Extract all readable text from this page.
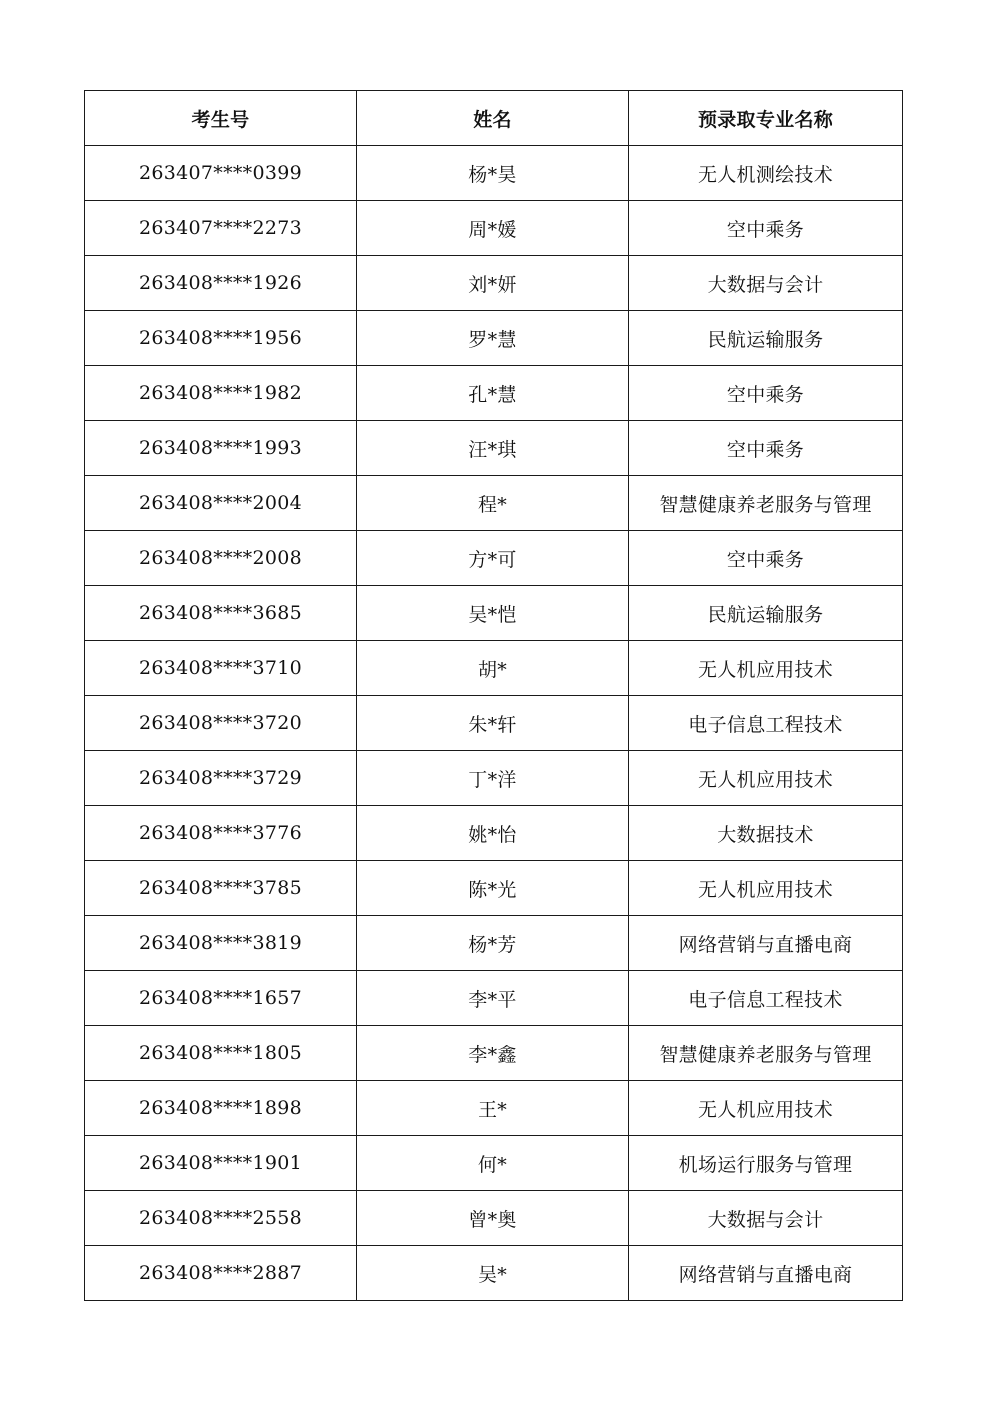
考生号	姓名	预录取专业名称
263407****0399	杨*昊	无人机测绘技术
263407****2273	周*媛	空中乘务
263408****1926	刘*妍	大数据与会计
263408****1956	罗*慧	民航运输服务
263408****1982	孔*慧	空中乘务
263408****1993	汪*琪	空中乘务
263408****2004	程*	智慧健康养老服务与管理
263408****2008	方*可	空中乘务
263408****3685	吴*恺	民航运输服务
263408****3710	胡*	无人机应用技术
263408****3720	朱*轩	电子信息工程技术
263408****3729	丁*洋	无人机应用技术
263408****3776	姚*怡	大数据技术
263408****3785	陈*光	无人机应用技术
263408****3819	杨*芳	网络营销与直播电商
263408****1657	李*平	电子信息工程技术
263408****1805	李*鑫	智慧健康养老服务与管理
263408****1898	王*	无人机应用技术
263408****1901	何*	机场运行服务与管理
263408****2558	曾*奥	大数据与会计
263408****2887	吴*	网络营销与直播电商
